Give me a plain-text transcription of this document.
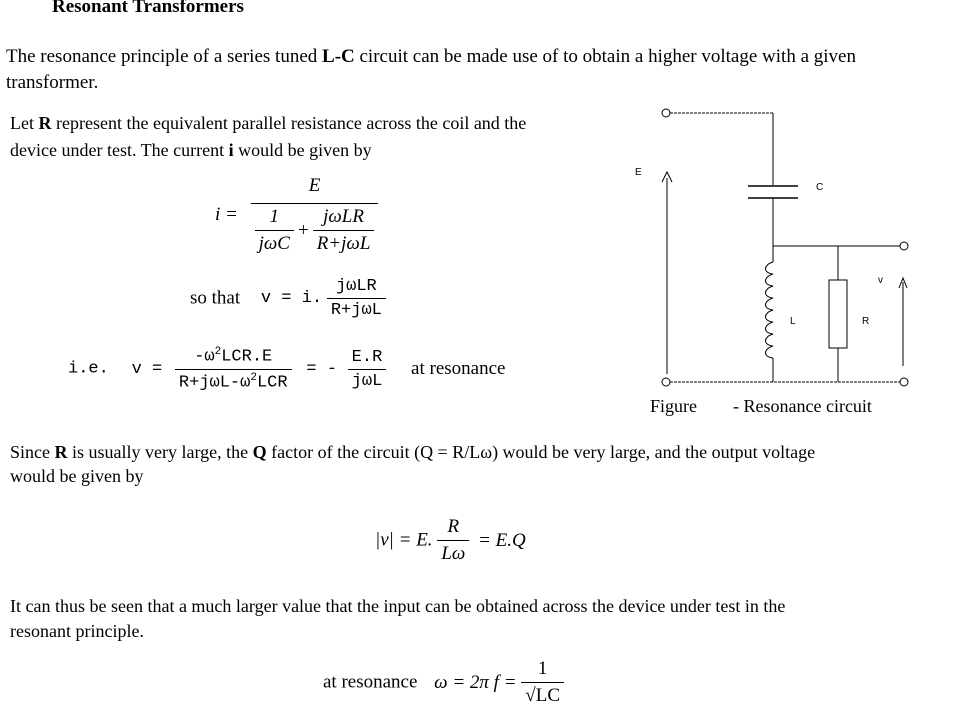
Resonant Transformers
The resonance principle of a series tuned L-C circuit can be made use of to obtain a higher voltage with a given
transformer.
Let R represent the equivalent parallel resistance across the coil and the
device under test. The current i would be given by
i =
E
$\frac{1}{\text{jωC}} + \frac{\text{jωLR}}{\text{R+jωL}}$
so that v = i. $\frac{\text{jωLR}}{\text{R+jωL}}$
i.e. $v = \frac{-\omega^2LCR.E}{R+j\omega L-\omega^2LCR}$ = - $\frac{E.R}{\text{jωL}}$ at resonance
E
C
L	R
v
Figure - Resonance circuit
Since R is usually very large, the Q factor of the circuit (Q = R/Lω) would be very large, and the output voltage
would be given by
|v| = E. $\frac{R}{L\omega} = E.Q$
It can thus be seen that a much larger value that the input can be obtained across the device under test in the
resonant principle.
at resonance ω = 2π $f = \frac{1}{√LC}$
